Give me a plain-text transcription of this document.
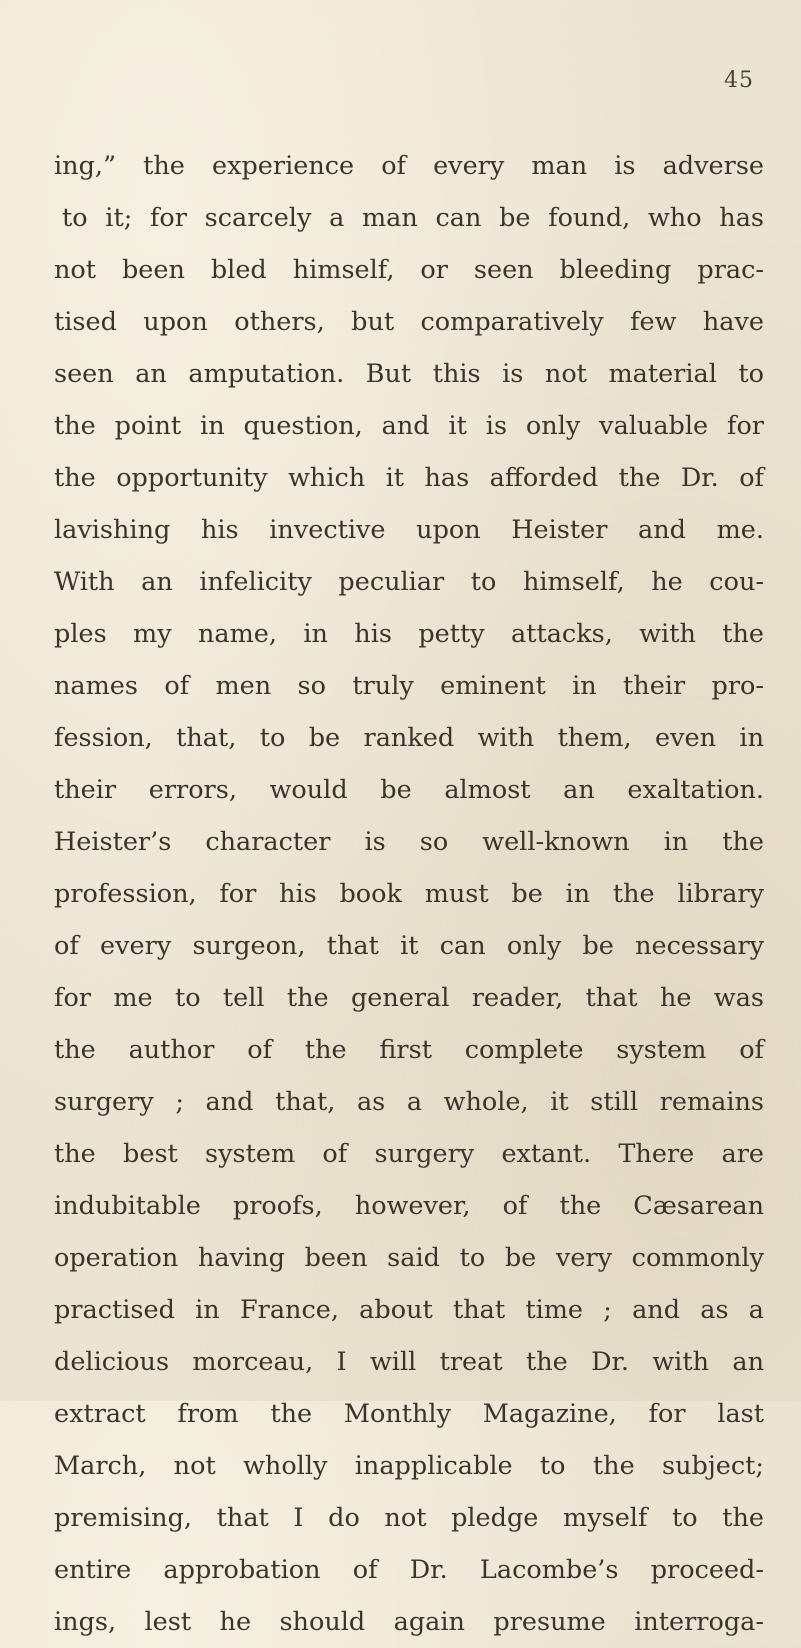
45
ing,” the experience of every man is adverse
to it; for scarcely a man can be found, who has
not been bled himself, or seen bleeding prac-
tised upon others, but comparatively few have
seen an amputation. But this is not material to
the point in question, and it is only valuable for
the opportunity which it has afforded the Dr. of
lavishing his invective upon Heister and me.
With an infelicity peculiar to himself, he cou-
ples my name, in his petty attacks, with the
names of men so truly eminent in their pro-
fession, that, to be ranked with them, even in
their errors, would be almost an exaltation.
Heister’s character is so well-known in the
profession, for his book must be in the library
of every surgeon, that it can only be necessary
for me to tell the general reader, that he was
the author of the first complete system of
surgery ; and that, as a whole, it still remains
the best system of surgery extant. There are
indubitable proofs, however, of the Cæsarean
operation having been said to be very commonly
practised in France, about that time ; and as a
delicious morceau, I will treat the Dr. with an
extract from the Monthly Magazine, for last
March, not wholly inapplicable to the subject;
premising, that I do not pledge myself to the
entire approbation of Dr. Lacombe’s proceed-
ings, lest he should again presume interroga-
